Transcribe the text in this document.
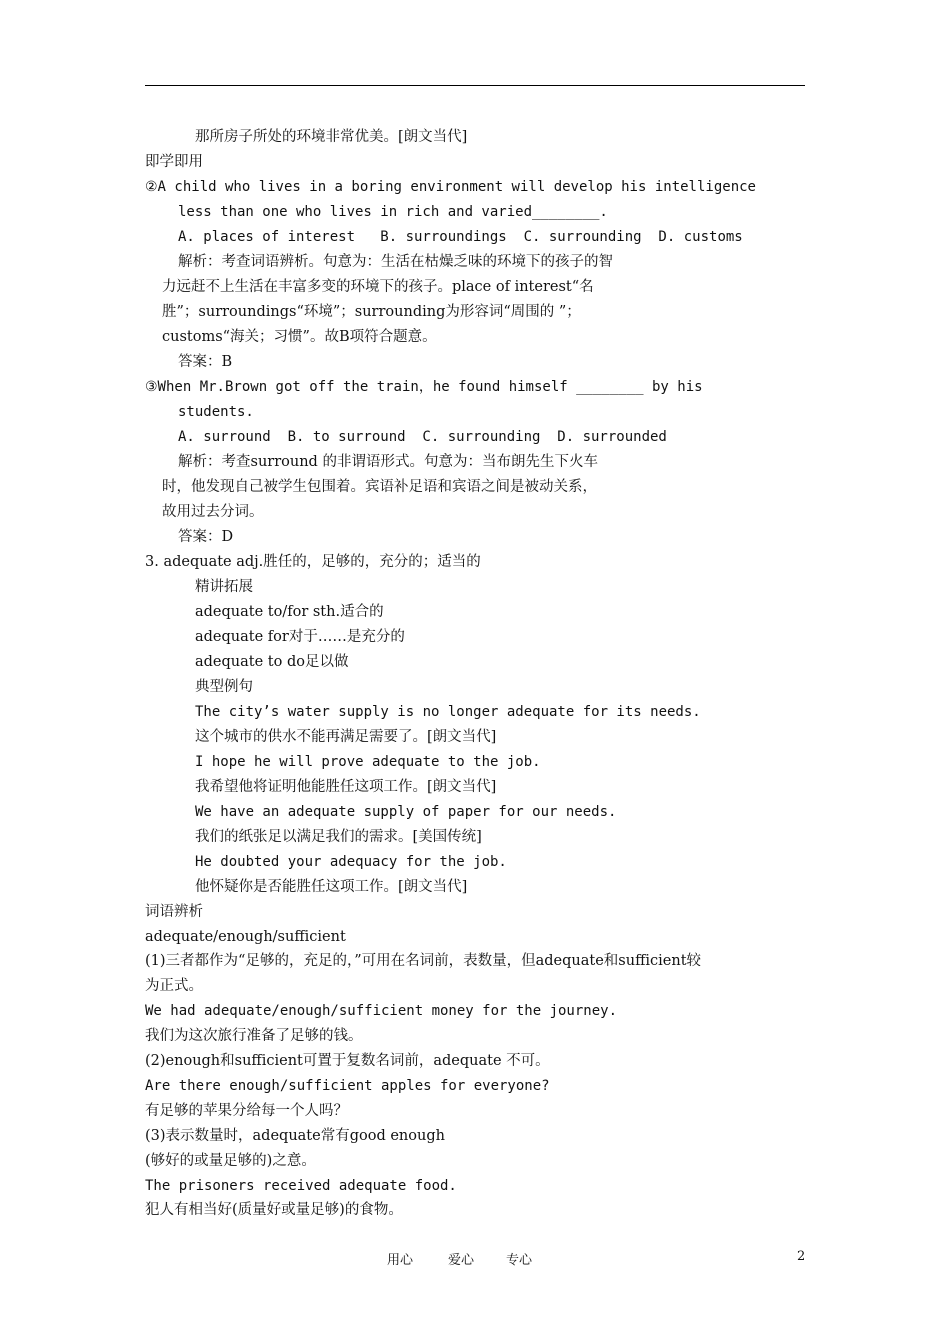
那所房子所处的环境非常优美。[朗文当代]
即学即用
②A child who lives in a boring environment will develop his intelligence
less than one who lives in rich and varied________.
A. places of interest   B. surroundings  C. surrounding  D. customs
解析：考查词语辨析。句意为：生活在枯燥乏味的环境下的孩子的智
力远赶不上生活在丰富多变的环境下的孩子。place of interest“名
胜”；surroundings“环境”；surrounding为形容词“周围的 ”；
customs“海关；习惯”。故B项符合题意。
答案：B
③When Mr.Brown got off the train，he found himself ________ by his
students.
A. surround  B. to surround  C. surrounding  D. surrounded
解析：考查surround 的非谓语形式。句意为：当布朗先生下火车
时，他发现自己被学生包围着。宾语补足语和宾语之间是被动关系，
故用过去分词。
答案：D
3. adequate adj.胜任的，足够的，充分的；适当的
精讲拓展
adequate to/for sth.适合的
adequate for对于……是充分的
adequate to do足以做
典型例句
The city’s water supply is no longer adequate for its needs.
这个城市的供水不能再满足需要了。[朗文当代]
I hope he will prove adequate to the job.
我希望他将证明他能胜任这项工作。[朗文当代]
We have an adequate supply of paper for our needs.
我们的纸张足以满足我们的需求。[美国传统]
He doubted your adequacy for the job.
他怀疑你是否能胜任这项工作。[朗文当代]
词语辨析
adequate/enough/sufficient
(1)三者都作为“足够的，充足的，”可用在名词前，表数量，但adequate和sufficient较
为正式。
We had adequate/enough/sufficient money for the journey.
我们为这次旅行准备了足够的钱。
(2)enough和sufficient可置于复数名词前，adequate 不可。
Are there enough/sufficient apples for everyone?
有足够的苹果分给每一个人吗？
(3)表示数量时，adequate常有good enough
(够好的或量足够的)之意。
The prisoners received adequate food.
犯人有相当好(质量好或量足够)的食物。
用心	爱心 专心	2
